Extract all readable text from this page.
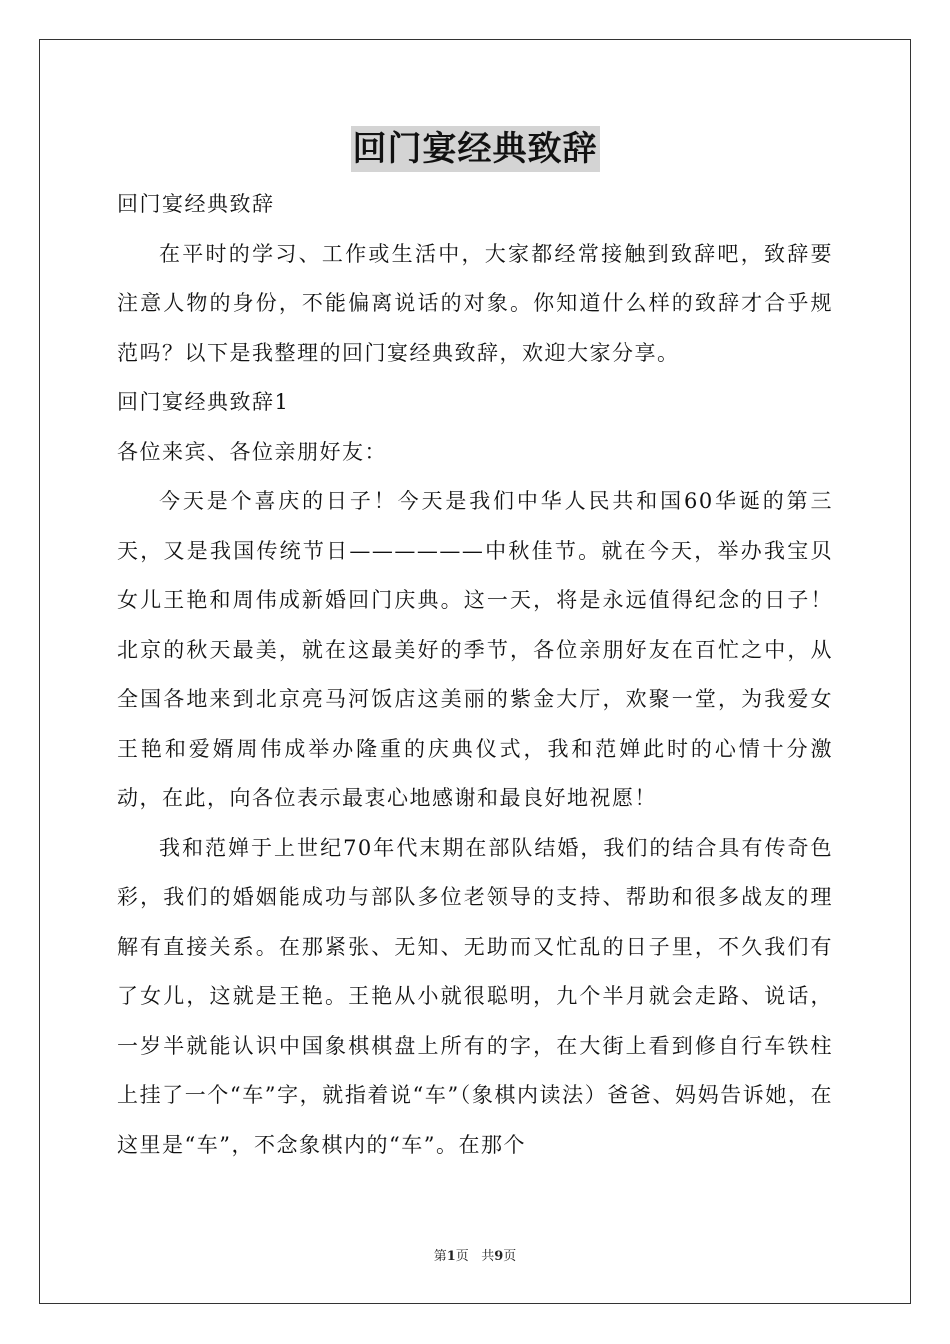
回门宴经典致辞
回门宴经典致辞
在平时的学习、工作或生活中，大家都经常接触到致辞吧，致辞要注意人物的身份，不能偏离说话的对象。你知道什么样的致辞才合乎规范吗？以下是我整理的回门宴经典致辞，欢迎大家分享。
回门宴经典致辞1
各位来宾、各位亲朋好友：
今天是个喜庆的日子！今天是我们中华人民共和国60华诞的第三天，又是我国传统节日——————中秋佳节。就在今天，举办我宝贝女儿王艳和周伟成新婚回门庆典。这一天，将是永远值得纪念的日子！北京的秋天最美，就在这最美好的季节，各位亲朋好友在百忙之中，从全国各地来到北京亮马河饭店这美丽的紫金大厅，欢聚一堂，为我爱女王艳和爱婿周伟成举办隆重的庆典仪式，我和范婵此时的心情十分激动，在此，向各位表示最衷心地感谢和最良好地祝愿！
我和范婵于上世纪70年代末期在部队结婚，我们的结合具有传奇色彩，我们的婚姻能成功与部队多位老领导的支持、帮助和很多战友的理解有直接关系。在那紧张、无知、无助而又忙乱的日子里，不久我们有了女儿，这就是王艳。王艳从小就很聪明，九个半月就会走路、说话，一岁半就能认识中国象棋棋盘上所有的字，在大街上看到修自行车铁柱上挂了一个“车”字，就指着说“车”（象棋内读法）爸爸、妈妈告诉她，在这里是“车”，不念象棋内的“车”。在那个
第1页   共9页
